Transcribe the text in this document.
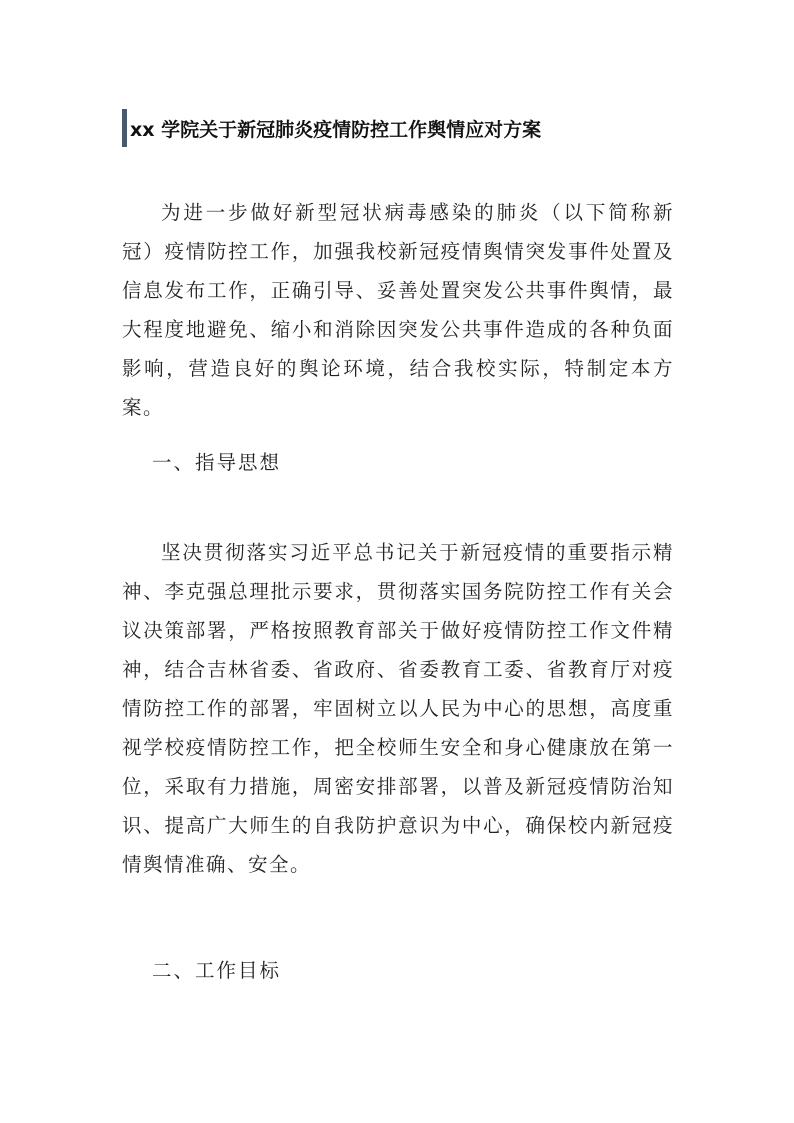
xx 学院关于新冠肺炎疫情防控工作舆情应对方案

为进一步做好新型冠状病毒感染的肺炎（以下简称新冠）疫情防控工作，加强我校新冠疫情舆情突发事件处置及信息发布工作，正确引导、妥善处置突发公共事件舆情，最大程度地避免、缩小和消除因突发公共事件造成的各种负面影响，营造良好的舆论环境，结合我校实际，特制定本方案。

一、指导思想

坚决贯彻落实习近平总书记关于新冠疫情的重要指示精神、李克强总理批示要求，贯彻落实国务院防控工作有关会议决策部署，严格按照教育部关于做好疫情防控工作文件精神，结合吉林省委、省政府、省委教育工委、省教育厅对疫情防控工作的部署，牢固树立以人民为中心的思想，高度重视学校疫情防控工作，把全校师生安全和身心健康放在第一位，采取有力措施，周密安排部署，以普及新冠疫情防治知识、提高广大师生的自我防护意识为中心，确保校内新冠疫情舆情准确、安全。

二、工作目标
